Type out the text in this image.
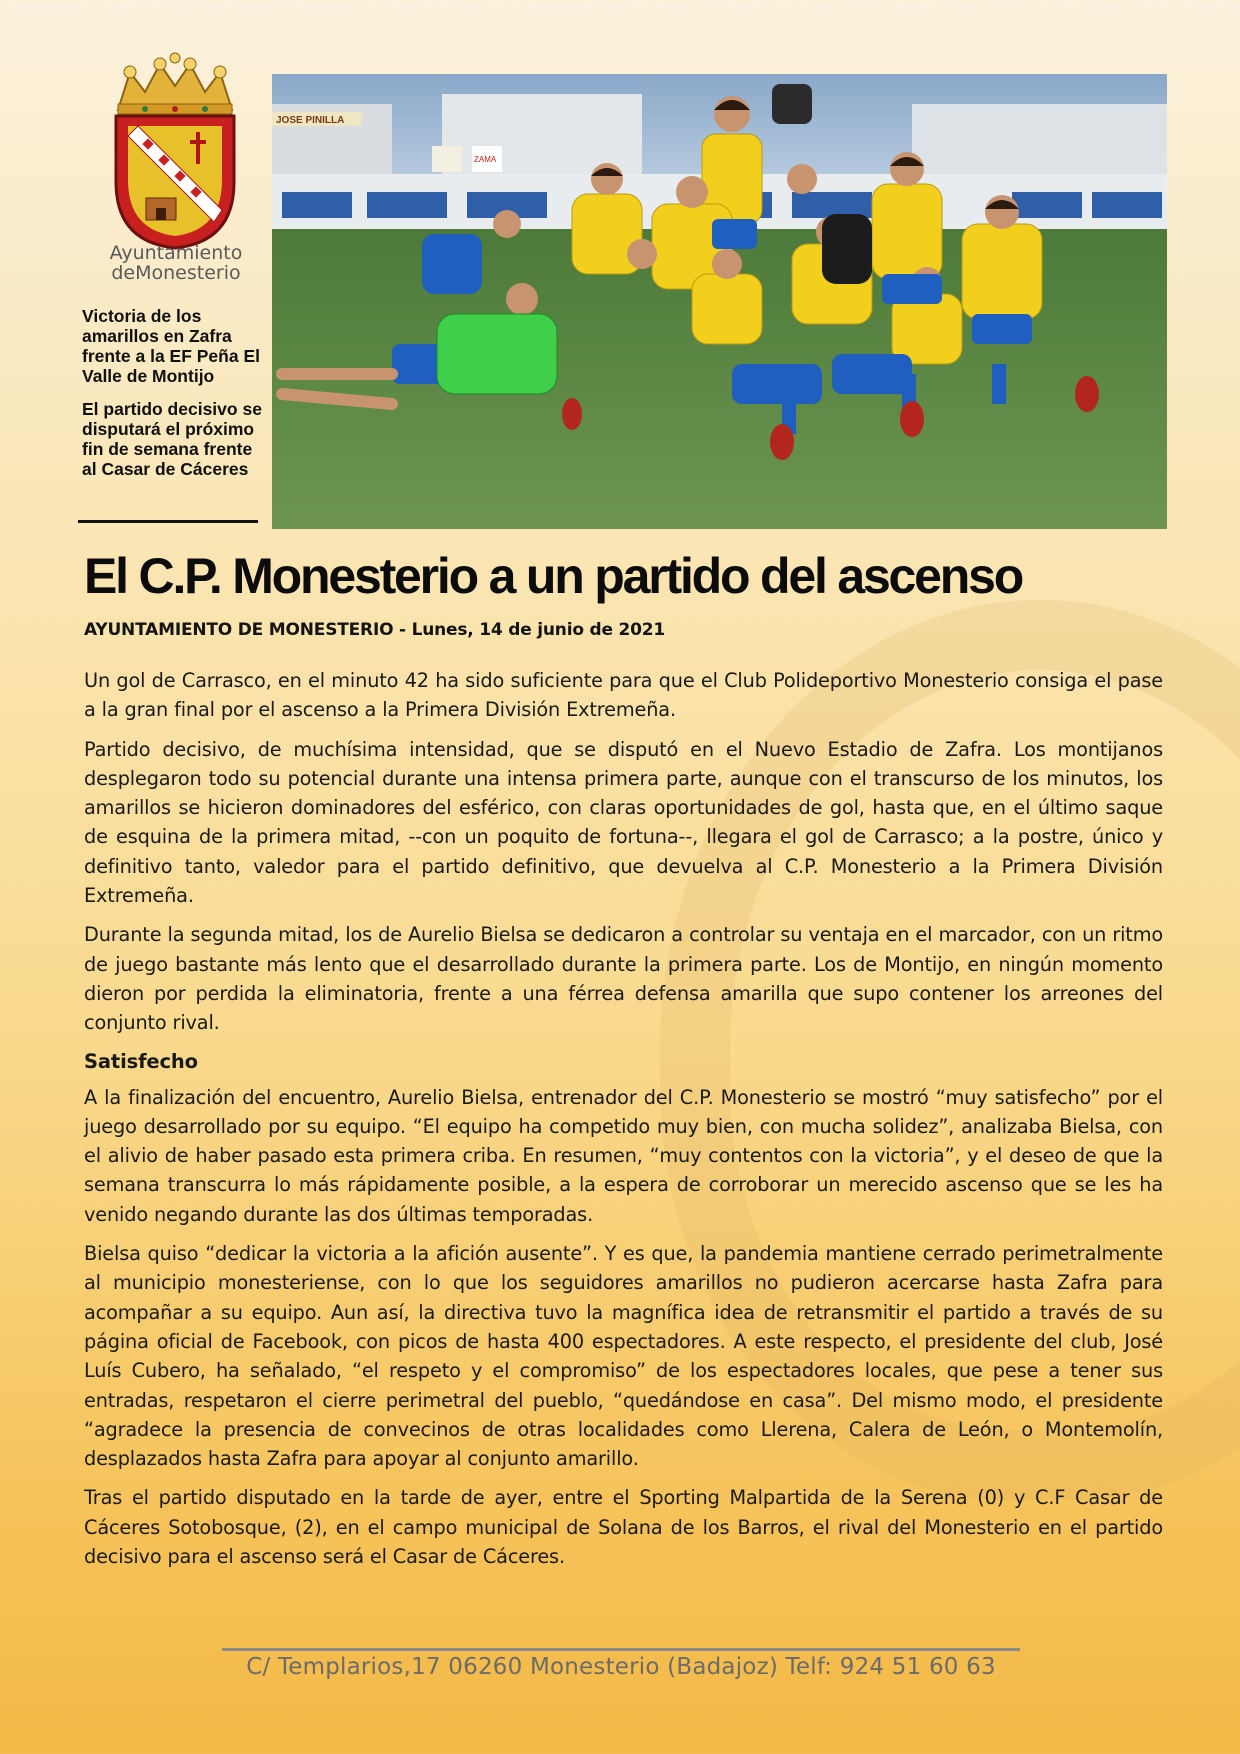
Ayuntamiento
deMonesterio

Victoria de los amarillos en Zafra frente a la EF Peña El Valle de Montijo

El partido decisivo se disputará el próximo fin de semana frente al Casar de Cáceres

JOSE PINILLA
ZAMA
El C.P. Monesterio a un partido del ascenso

AYUNTAMIENTO DE MONESTERIO - Lunes, 14 de junio de 2021

Un gol de Carrasco, en el minuto 42 ha sido suficiente para que el Club Polideportivo Monesterio consiga el pase a la gran final por el ascenso a la Primera División Extremeña.

Partido decisivo, de muchísima intensidad, que se disputó en el Nuevo Estadio de Zafra. Los montijanos desplegaron todo su potencial durante una intensa primera parte, aunque con el transcurso de los minutos, los amarillos se hicieron dominadores del esférico, con claras oportunidades de gol, hasta que, en el último saque de esquina de la primera mitad, --con un poquito de fortuna--, llegara el gol de Carrasco; a la postre, único y definitivo tanto, valedor para el partido definitivo, que devuelva al C.P. Monesterio a la Primera División Extremeña.

Durante la segunda mitad, los de Aurelio Bielsa se dedicaron a controlar su ventaja en el marcador, con un ritmo de juego bastante más lento que el desarrollado durante la primera parte. Los de Montijo, en ningún momento dieron por perdida la eliminatoria, frente a una férrea defensa amarilla que supo contener los arreones del conjunto rival.

Satisfecho

A la finalización del encuentro, Aurelio Bielsa, entrenador del C.P. Monesterio se mostró “muy satisfecho” por el juego desarrollado por su equipo. “El equipo ha competido muy bien, con mucha solidez”, analizaba Bielsa, con el alivio de haber pasado esta primera criba. En resumen, “muy contentos con la victoria”, y el deseo de que la semana transcurra lo más rápidamente posible, a la espera de corroborar un merecido ascenso que se les ha venido negando durante las dos últimas temporadas.

Bielsa quiso “dedicar la victoria a la afición ausente”. Y es que, la pandemia mantiene cerrado perimetralmente al municipio monesteriense, con lo que los seguidores amarillos no pudieron acercarse hasta Zafra para acompañar a su equipo. Aun así, la directiva tuvo la magnífica idea de retransmitir el partido a través de su página oficial de Facebook, con picos de hasta 400 espectadores. A este respecto, el presidente del club, José Luís Cubero, ha señalado, “el respeto y el compromiso” de los espectadores locales, que pese a tener sus entradas, respetaron el cierre perimetral del pueblo, “quedándose en casa”. Del mismo modo, el presidente “agradece la presencia de convecinos de otras localidades como Llerena, Calera de León, o Montemolín, desplazados hasta Zafra para apoyar al conjunto amarillo.

Tras el partido disputado en la tarde de ayer, entre el Sporting Malpartida de la Serena (0) y C.F Casar de Cáceres Sotobosque, (2), en el campo municipal de Solana de los Barros, el rival del Monesterio en el partido decisivo para el ascenso será el Casar de Cáceres.

C/ Templarios,17 06260 Monesterio (Badajoz) Telf: 924 51 60 63
